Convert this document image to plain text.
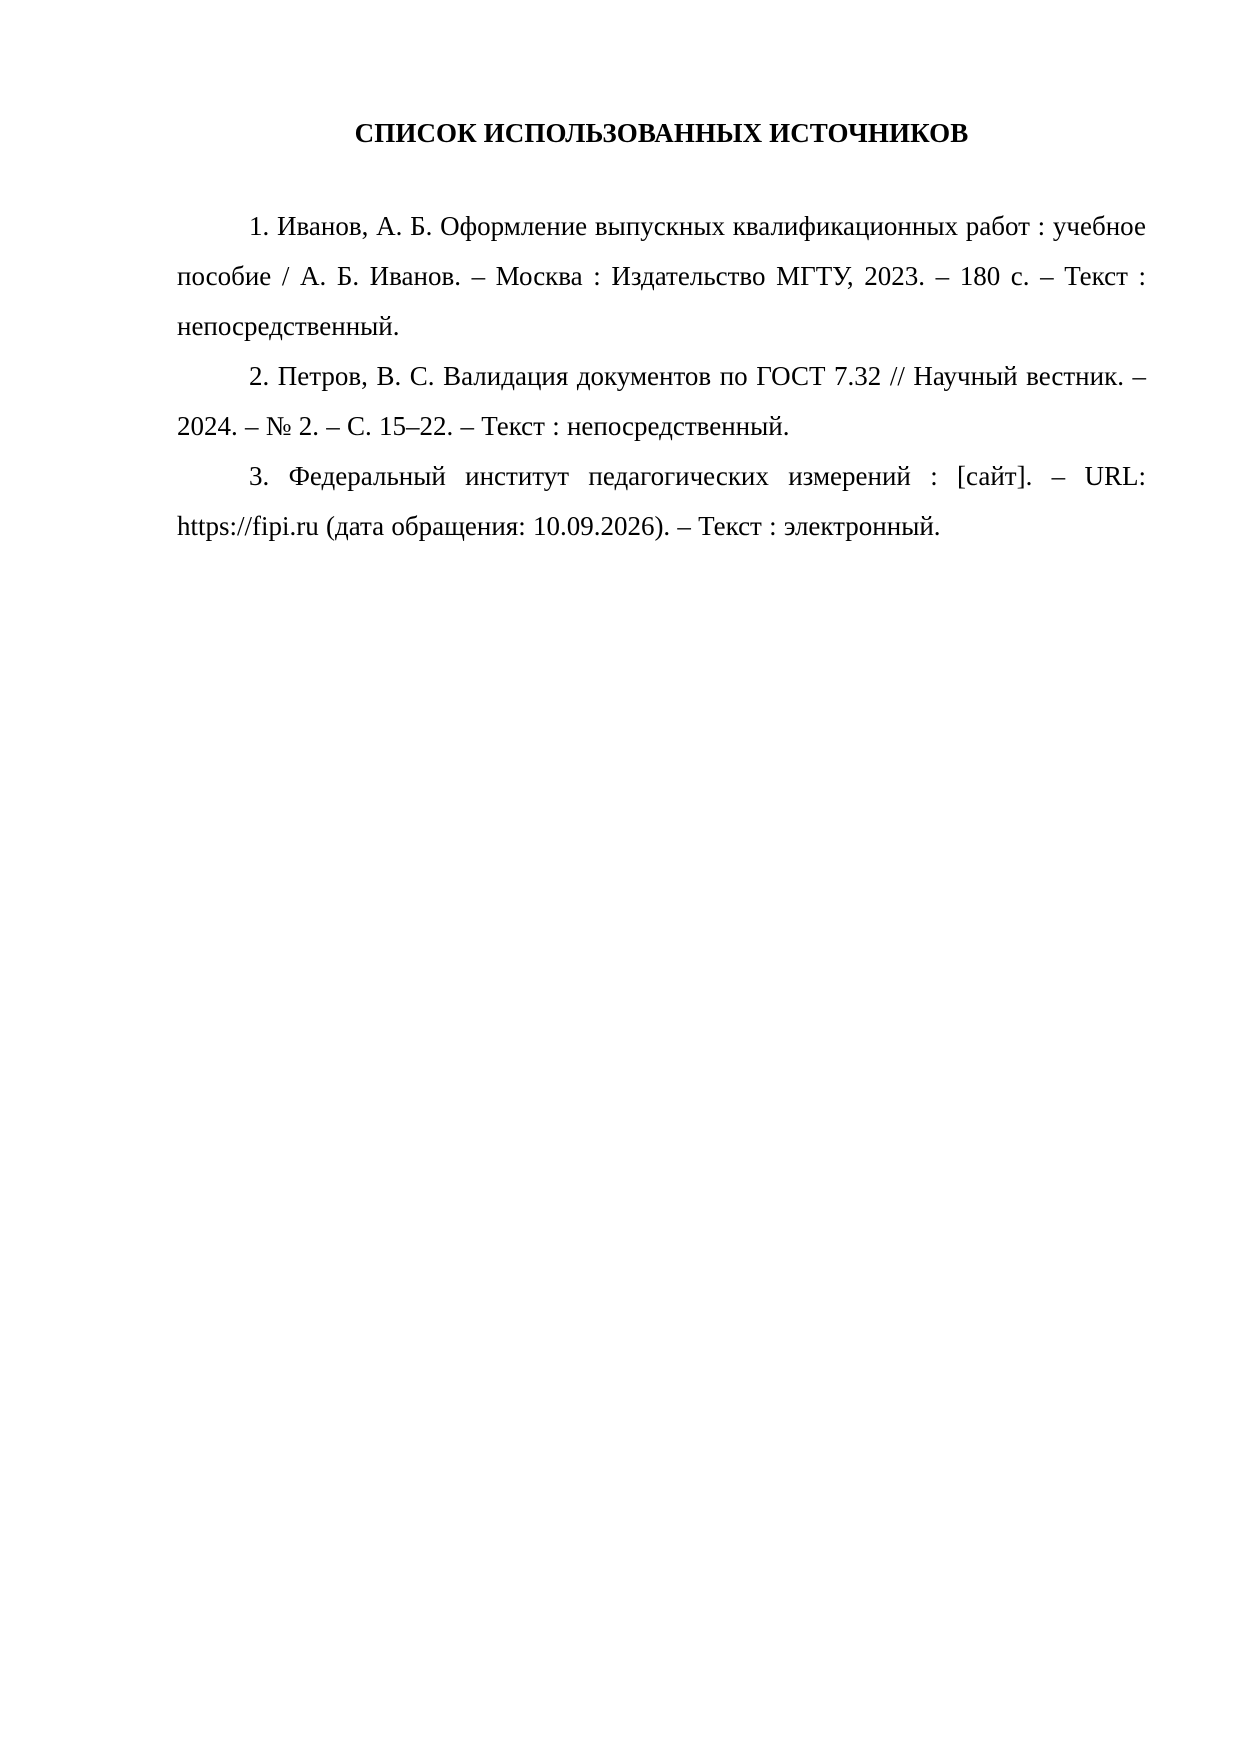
СПИСОК ИСПОЛЬЗОВАННЫХ ИСТОЧНИКОВ

1. Иванов, А. Б. Оформление выпускных квалификационных работ : учебное пособие / А. Б. Иванов. – Москва : Издательство МГТУ, 2023. – 180 с. – Текст : непосредственный.

2. Петров, В. С. Валидация документов по ГОСТ 7.32 // Научный вестник. – 2024. – № 2. – С. 15–22. – Текст : непосредственный.

3. Федеральный институт педагогических измерений : [сайт]. – URL: https://fipi.ru (дата обращения: 10.09.2026). – Текст : электронный.
